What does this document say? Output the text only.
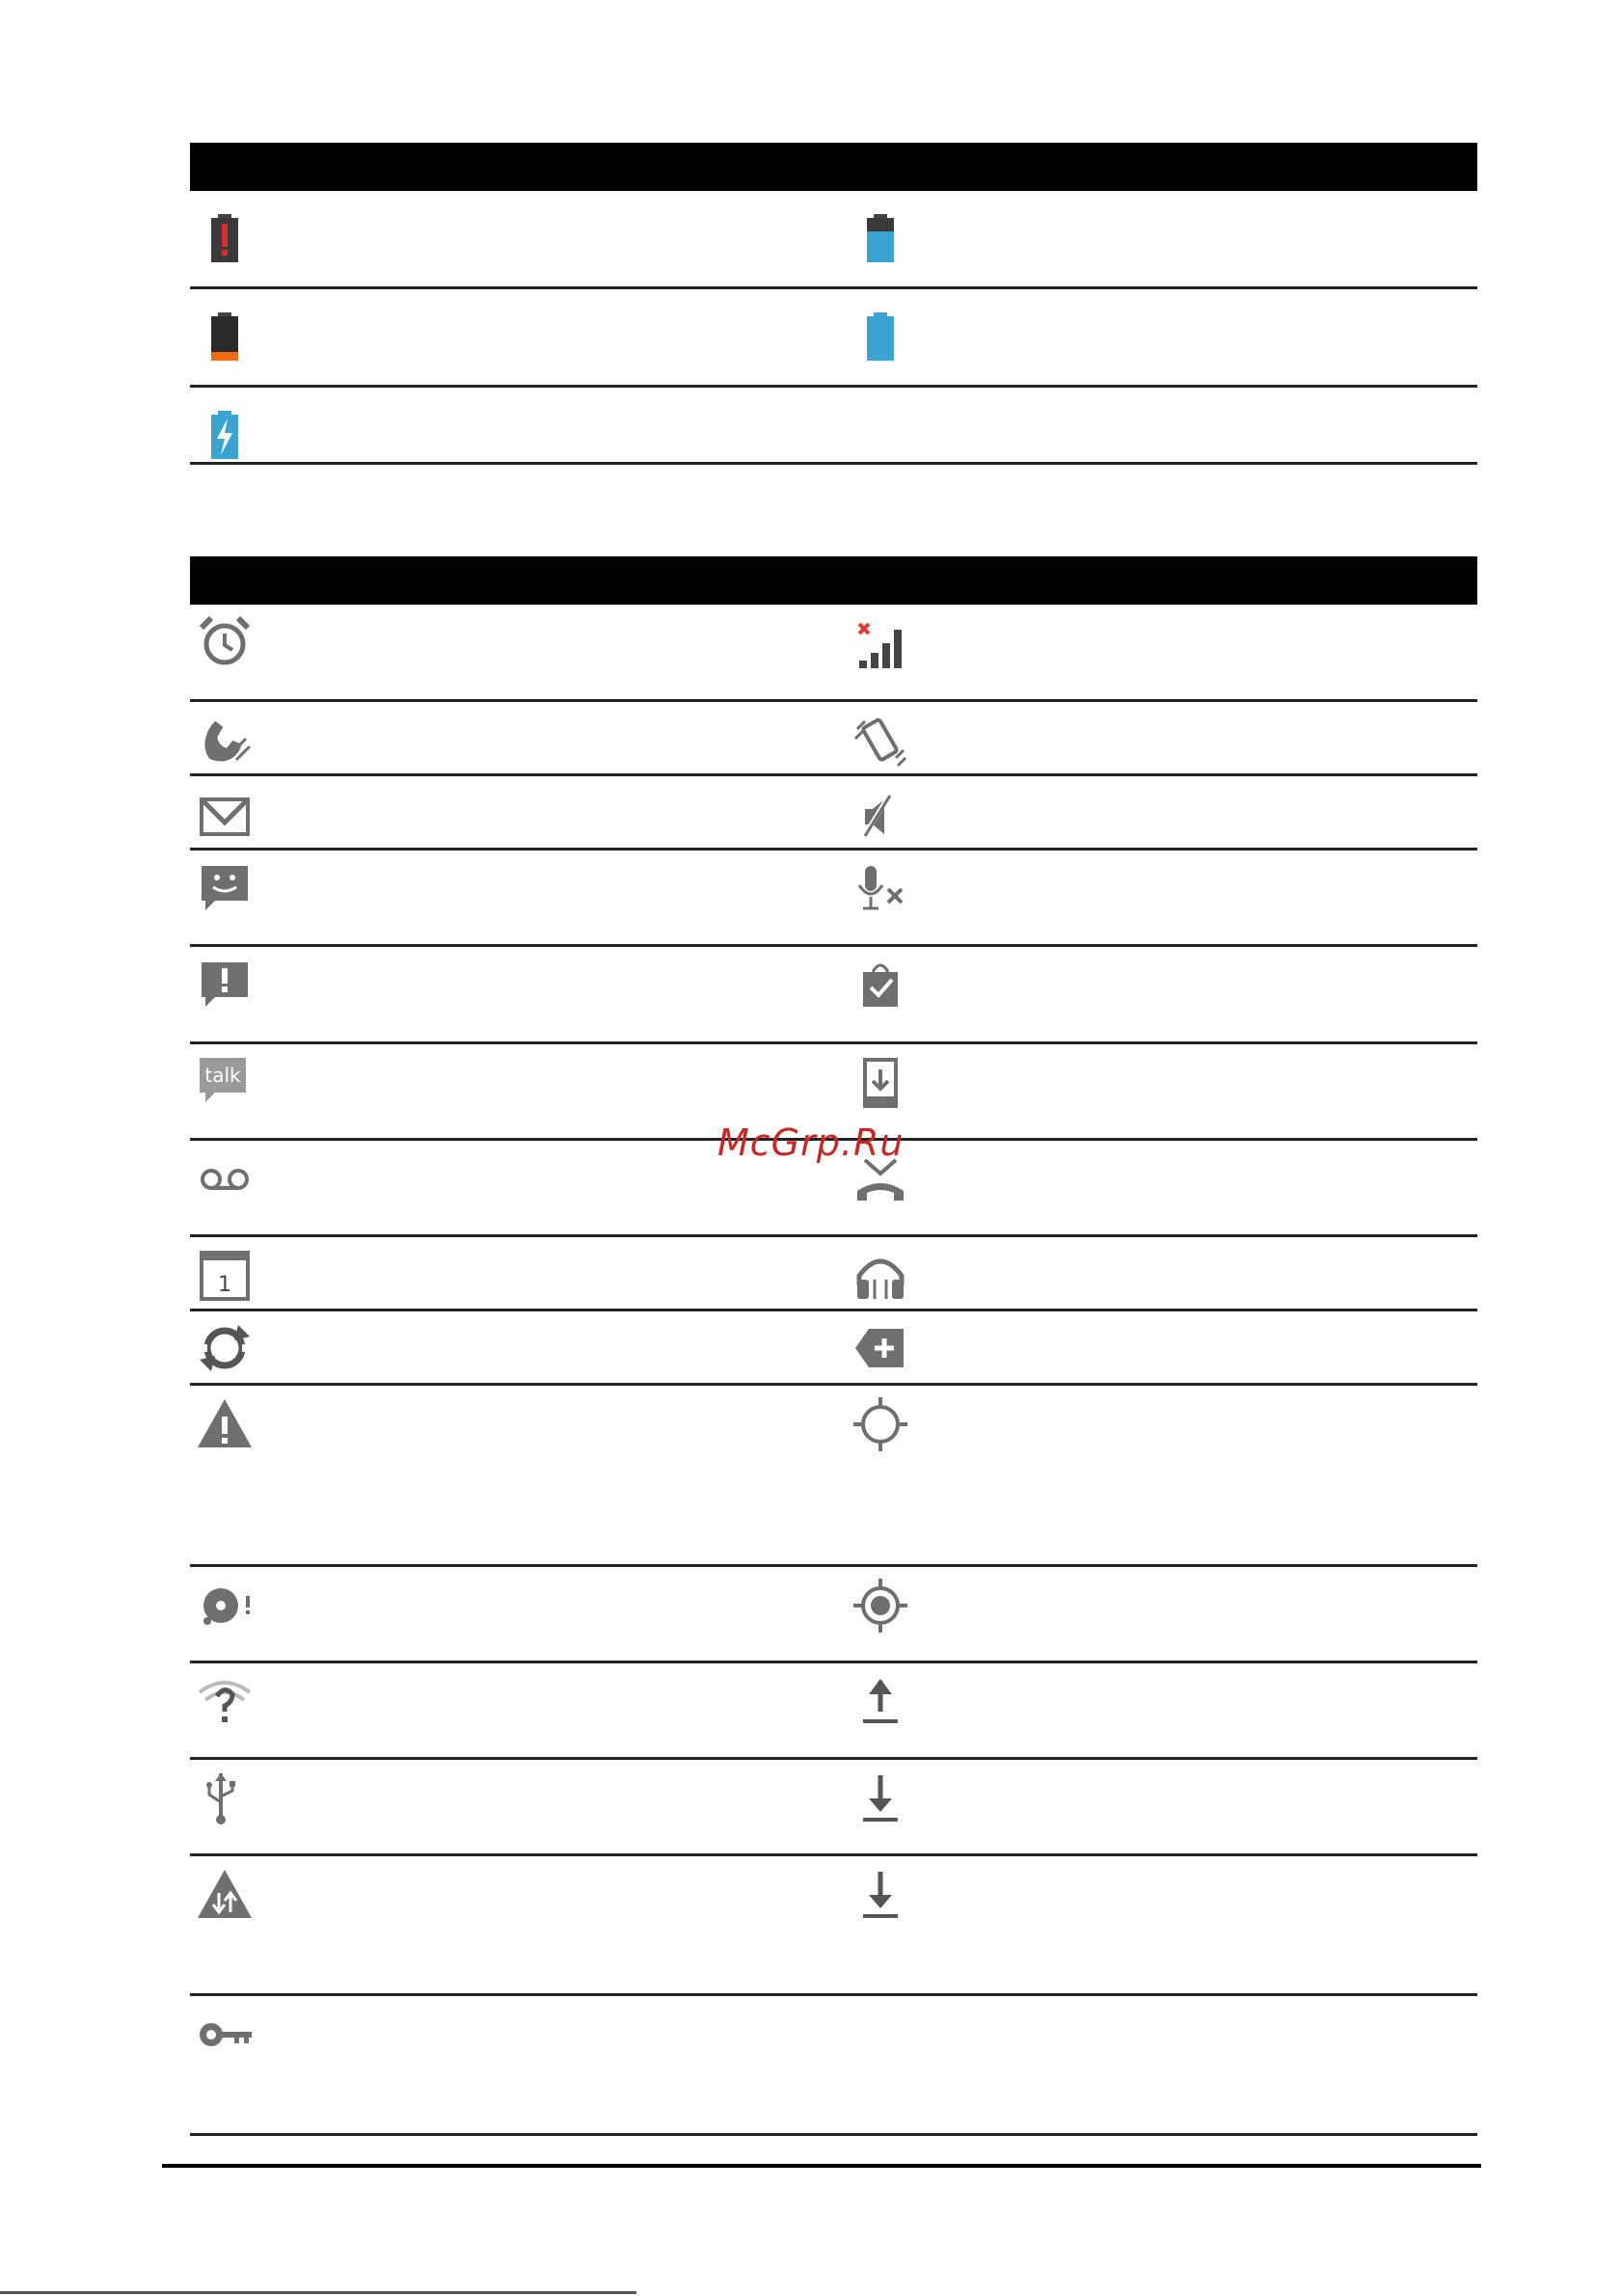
talk
1
McGrp.Ru
